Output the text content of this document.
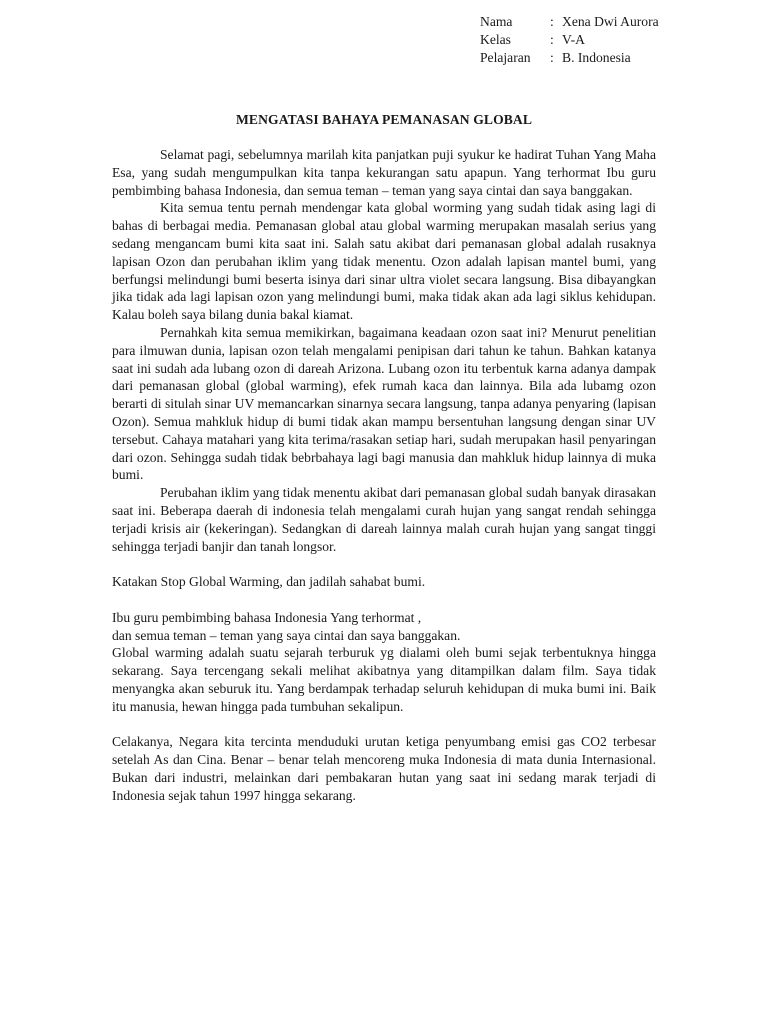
Nama	: Xena Dwi Aurora
Kelas	: V-A
Pelajaran	: B. Indonesia
MENGATASI BAHAYA PEMANASAN GLOBAL

Selamat pagi, sebelumnya marilah kita panjatkan puji syukur ke hadirat Tuhan Yang Maha Esa, yang sudah mengumpulkan kita tanpa kekurangan satu apapun. Yang terhormat Ibu guru pembimbing bahasa Indonesia, dan semua teman – teman yang saya cintai dan saya banggakan.

Kita semua tentu pernah mendengar kata global worming yang sudah tidak asing lagi di bahas di berbagai media. Pemanasan global atau global warming merupakan masalah serius yang sedang mengancam bumi kita saat ini. Salah satu akibat dari pemanasan global adalah rusaknya lapisan Ozon dan perubahan iklim yang tidak menentu. Ozon adalah lapisan mantel bumi, yang berfungsi melindungi bumi beserta isinya dari sinar ultra violet secara langsung. Bisa dibayangkan jika tidak ada lagi lapisan ozon yang melindungi bumi, maka tidak akan ada lagi siklus kehidupan. Kalau boleh saya bilang dunia bakal kiamat.

Pernahkah kita semua memikirkan, bagaimana keadaan ozon saat ini? Menurut penelitian para ilmuwan dunia, lapisan ozon telah mengalami penipisan dari tahun ke tahun. Bahkan katanya saat ini sudah ada lubang ozon di dareah Arizona. Lubang ozon itu terbentuk karna adanya dampak dari pemanasan global (global warming), efek rumah kaca dan lainnya. Bila ada lubamg ozon berarti di situlah sinar UV memancarkan sinarnya secara langsung, tanpa adanya penyaring (lapisan Ozon). Semua mahkluk hidup di bumi tidak akan mampu bersentuhan langsung dengan sinar UV tersebut. Cahaya matahari yang kita terima/rasakan setiap hari, sudah merupakan hasil penyaringan dari ozon. Sehingga sudah tidak bebrbahaya lagi bagi manusia dan mahkluk hidup lainnya di muka bumi.

Perubahan iklim yang tidak menentu akibat dari pemanasan global sudah banyak dirasakan saat ini. Beberapa daerah di indonesia telah mengalami curah hujan yang sangat rendah sehingga terjadi krisis air (kekeringan). Sedangkan di dareah lainnya malah curah hujan yang sangat tinggi sehingga terjadi banjir dan tanah longsor.

Katakan Stop Global Warming, dan jadilah sahabat bumi.

Ibu guru pembimbing bahasa Indonesia Yang terhormat ,

dan semua teman – teman yang saya cintai dan saya banggakan.

Global warming adalah suatu sejarah terburuk yg dialami oleh bumi sejak terbentuknya hingga sekarang. Saya tercengang sekali melihat akibatnya yang ditampilkan dalam film. Saya tidak menyangka akan seburuk itu. Yang berdampak terhadap seluruh kehidupan di muka bumi ini. Baik itu manusia, hewan hingga pada tumbuhan sekalipun.

Celakanya, Negara kita tercinta menduduki urutan ketiga penyumbang emisi gas CO2 terbesar setelah As dan Cina. Benar – benar telah mencoreng muka Indonesia di mata dunia Internasional. Bukan dari industri, melainkan dari pembakaran hutan yang saat ini sedang marak terjadi di Indonesia sejak tahun 1997 hingga sekarang.
